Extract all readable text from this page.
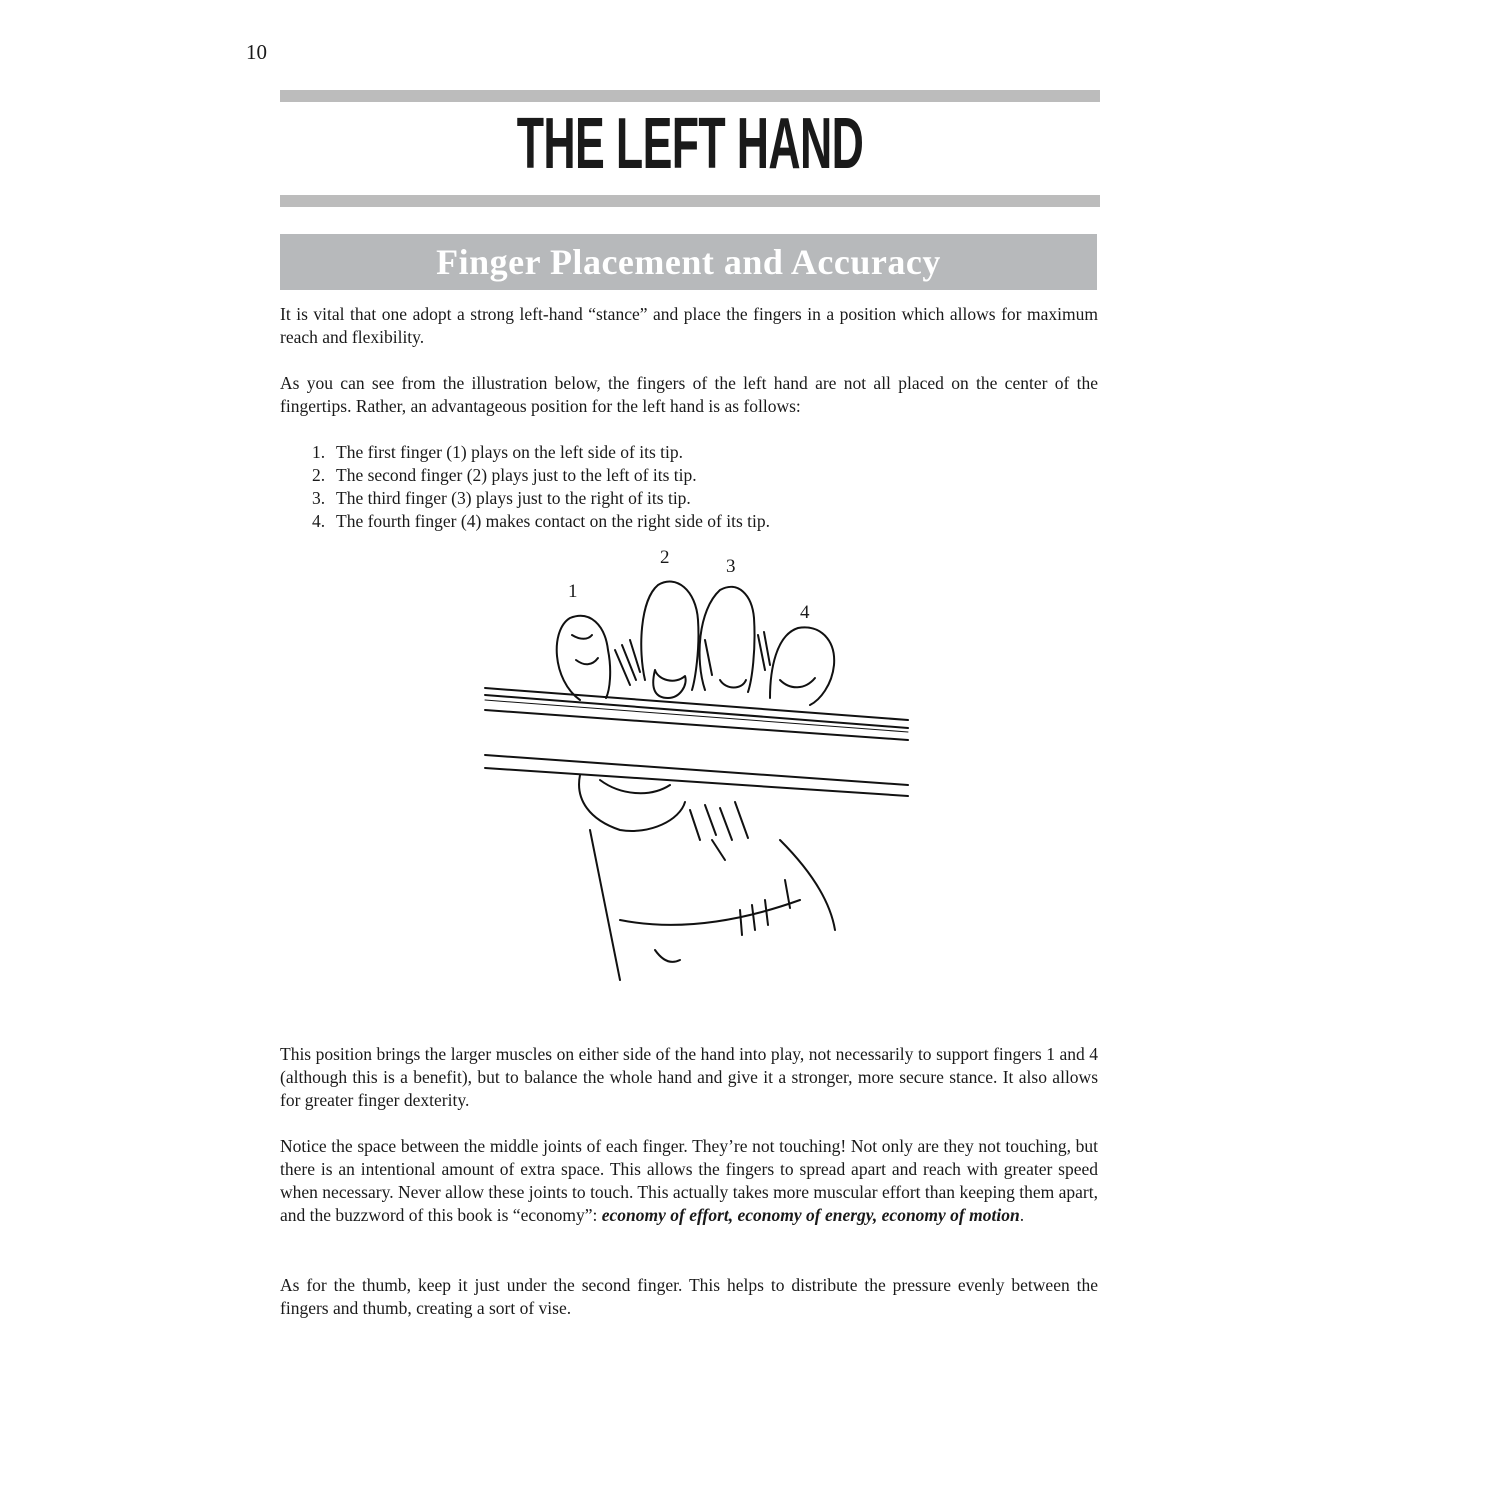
10
THE LEFT HAND
Finger Placement and Accuracy

It is vital that one adopt a strong left-hand “stance” and place the fingers in a position which allows for maximum reach and flexibility.

As you can see from the illustration below, the fingers of the left hand are not all placed on the center of the fingertips. Rather, an advantageous position for the left hand is as follows:

1. The first finger (1) plays on the left side of its tip.
2. The second finger (2) plays just to the left of its tip.
3. The third finger (3) plays just to the right of its tip.
4. The fourth finger (4) makes contact on the right side of its tip.
1
2	3
4

This position brings the larger muscles on either side of the hand into play, not necessarily to support fingers 1 and 4 (although this is a benefit), but to balance the whole hand and give it a stronger, more secure stance. It also allows for greater finger dexterity.

Notice the space between the middle joints of each finger. They’re not touching! Not only are they not touching, but there is an intentional amount of extra space. This allows the fingers to spread apart and reach with greater speed when necessary. Never allow these joints to touch. This actually takes more muscular effort than keeping them apart, and the buzzword of this book is “economy”: economy of effort, economy of energy, economy of motion.

As for the thumb, keep it just under the second finger. This helps to distribute the pressure evenly between the fingers and thumb, creating a sort of vise.
